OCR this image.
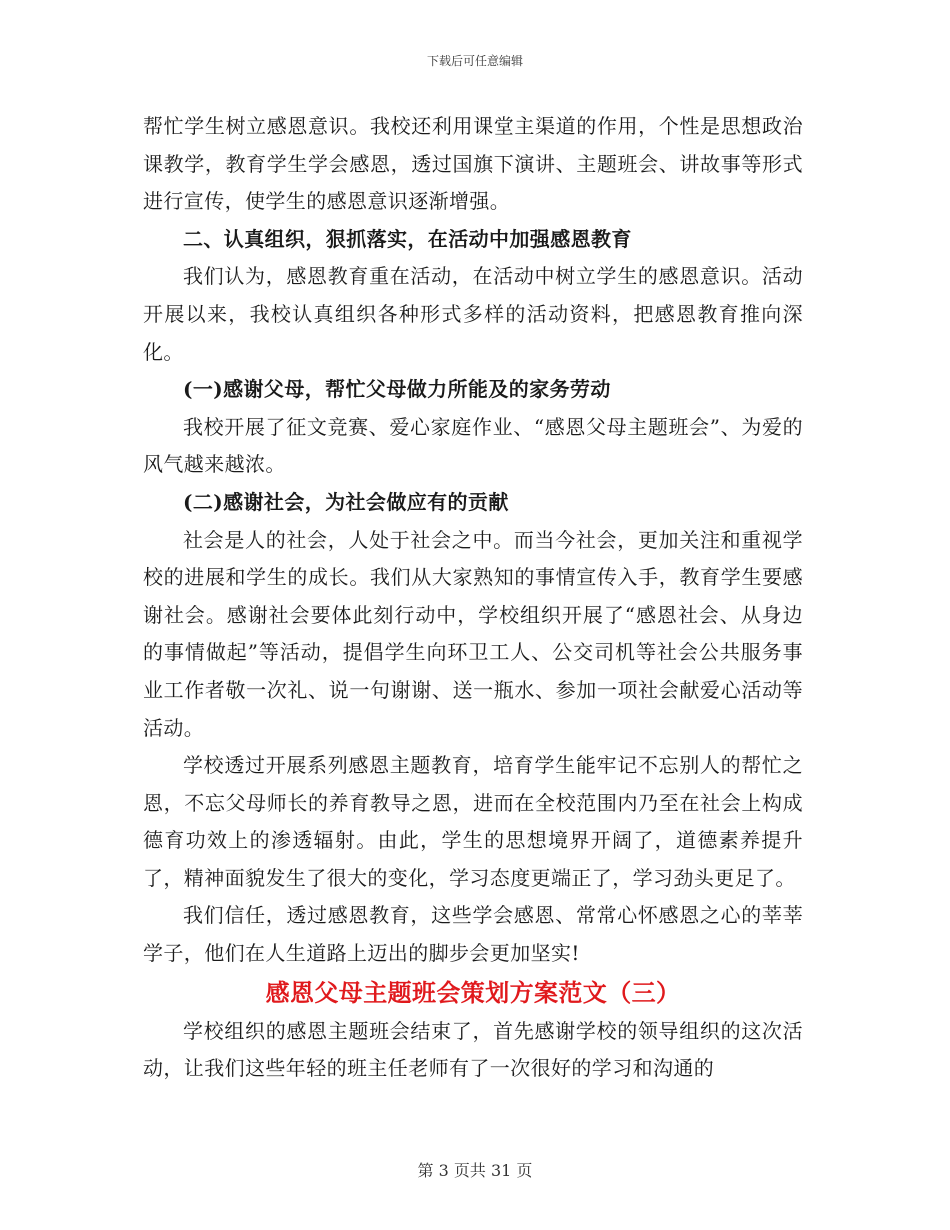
下载后可任意编辑

帮忙学生树立感恩意识。我校还利用课堂主渠道的作用，个性是思想政治课教学，教育学生学会感恩，透过国旗下演讲、主题班会、讲故事等形式进行宣传，使学生的感恩意识逐渐增强。

二、认真组织，狠抓落实，在活动中加强感恩教育

我们认为，感恩教育重在活动，在活动中树立学生的感恩意识。活动开展以来，我校认真组织各种形式多样的活动资料，把感恩教育推向深化。

(一)感谢父母，帮忙父母做力所能及的家务劳动

我校开展了征文竞赛、爱心家庭作业、“感恩父母主题班会”、为爱的风气越来越浓。

(二)感谢社会，为社会做应有的贡献

社会是人的社会，人处于社会之中。而当今社会，更加关注和重视学校的进展和学生的成长。我们从大家熟知的事情宣传入手，教育学生要感谢社会。感谢社会要体此刻行动中，学校组织开展了“感恩社会、从身边的事情做起”等活动，提倡学生向环卫工人、公交司机等社会公共服务事业工作者敬一次礼、说一句谢谢、送一瓶水、参加一项社会献爱心活动等活动。

学校透过开展系列感恩主题教育，培育学生能牢记不忘别人的帮忙之恩，不忘父母师长的养育教导之恩，进而在全校范围内乃至在社会上构成德育功效上的渗透辐射。由此，学生的思想境界开阔了，道德素养提升了，精神面貌发生了很大的变化，学习态度更端正了，学习劲头更足了。

我们信任，透过感恩教育，这些学会感恩、常常心怀感恩之心的莘莘学子，他们在人生道路上迈出的脚步会更加坚实!

感恩父母主题班会策划方案范文（三）

学校组织的感恩主题班会结束了，首先感谢学校的领导组织的这次活动，让我们这些年轻的班主任老师有了一次很好的学习和沟通的

第 3 页共 31 页
